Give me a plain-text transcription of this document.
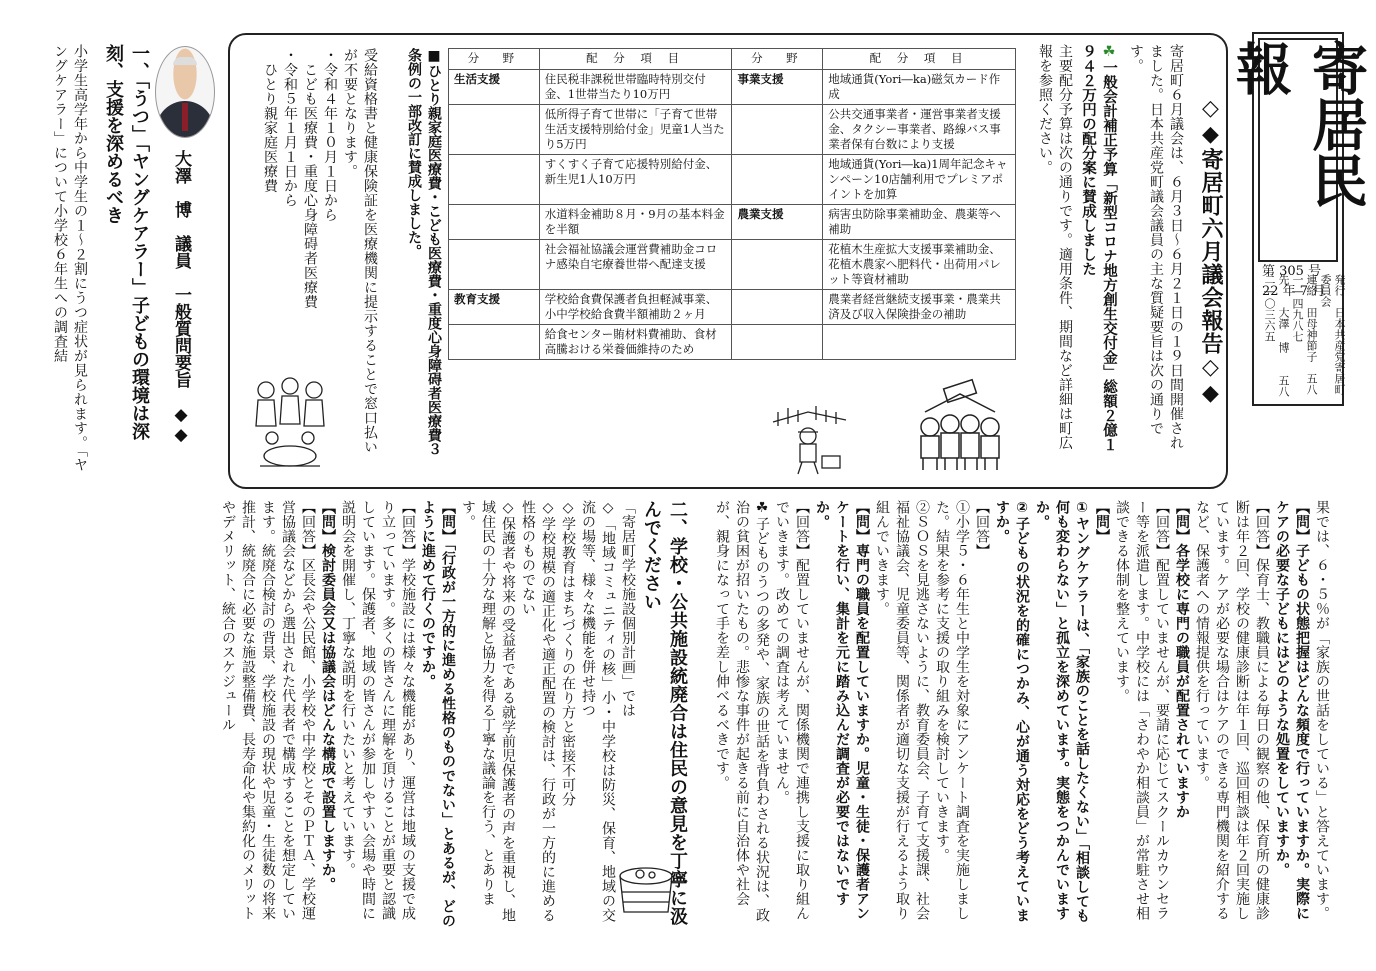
寄居民報
第 305 号
22 年 7 月 発行　日本共産党寄居町委員会
連絡　田母神節子　五八一―四九八七
先　　大澤 博　　五八二―〇三六五
◇◆寄居町六月議会報告◇◆
寄居町６月議会は、６月３日〜６月２１日の１９日間開催されました。日本共産党町議会議員の主な質疑要旨は次の通りです。
☘一般会計補正予算「新型コロナ地方創生交付金」総額２億１９４２万円の配分案に賛成しました
主要配分予算は次の通りです。適用条件、期間など詳細は町広報を参照ください。
分　野	配 分 項 目	分　野	配 分 項 目
生活支援	住民税非課税世帯臨時特別交付金、1世帯当たり10万円	事業支援	地域通貨(Yori―ka)磁気カード作成
	低所得子育て世帯に「子育て世帯生活支援特別給付金」児童1人当たり5万円		公共交通事業者・運営事業者支援金、タクシー事業者、路線バス事業者保有台数により支援
	すくすく子育て応援特別給付金、新生児1人10万円		地域通貨(Yori―ka)1周年記念キャンペーン10店舗利用でプレミアポイントを加算
	水道料金補助８月・9月の基本料金を半額	農業支援	病害虫防除事業補助金、農薬等へ補助
	社会福祉協議会運営費補助金コロナ感染自宅療養世帯へ配達支援		花植木生産拡大支援事業補助金、花植木農家へ肥料代・出荷用パレット等資材補助
教育支援	学校給食費保護者負担軽減事業、小中学校給食費半額補助２ヶ月		農業者経営継続支援事業・農業共済及び収入保険掛金の補助
	給食センター賄材料費補助、食材高騰おける栄養価維持のため		
■ひとり親家庭医療費・こども医療費・重度心身障碍者医療費３条例の一部改訂に賛成しました。

受給資格書と健康保険証を医療機関に提示することで窓口払いが不要となります。

・令和４年１０月１日から

　こども医療費・重度心身障碍者医療費

・令和５年１月１日から

　ひとり親家庭医療費

大澤　博　議員　一般質問要旨　◆◆
一、「うつ」「ヤングケアラー」子どもの環境は深刻、支援を深めるべき
小学生高学年から中学生の１〜２割にうつ症状が見られます。「ヤングケアラー」について小学校６年生への調査結

果では、６・５％が「家族の世話をしている」と答えています。

【問】子どもの状態把握はどんな頻度で行っていますか。実際にケアの必要な子どもにはどのような処置をしていますか。

【回答】保育士、教職員による毎日の観察の他、保育所の健康診断は年２回、学校の健康診断は年１回、巡回相談は年２回実施しています。ケアが必要な場合はケアのできる専門機関を紹介するなど、保護者への情報提供を行っています。

【問】各学校に専門の職員が配置されていますか

【回答】配置していませんが、要請に応じてスクールカウンセラー等を派遣します。中学校には「さわやか相談員」が常駐させ相談できる体制を整えています。

【問】

①ヤングケアラーは、「家族のことを話したくない」「相談しても何も変わらない」と孤立を深めています。実態をつかんでいますか。

②子どもの状況を的確につかみ、心が通う対応をどう考えていますか。

【回答】

①小学５・６年生と中学生を対象にアンケート調査を実施しました。結果を参考に支援の取り組みを検討していきます。

②ＳＯＳを見逃さないように、教育委員会、子育て支援課、社会福祉協議会、児童委員等、関係者が適切な支援が行えるよう取り組んでいきます。

【問】専門の職員を配置していますか。児童・生徒・保護者アンケートを行い、集計を元に踏み込んだ調査が必要ではないですか。

【回答】配置していませんが、関係機関で連携し支援に取り組んでいきます。改めての調査は考えていません。

☘子どものうつの多発や、家族の世話を背負わされる状況は、政治の貧困が招いたもの。悲惨な事件が起きる前に自治体や社会が、親身になって手を差し伸べるべきです。

二、学校・公共施設統廃合は住民の意見を丁寧に汲んでください

「寄居町学校施設個別計画」では

◇「地域コミュニティの核」小・中学校は防災、保育、地域の交流の場等、様々な機能を併せ持つ

◇学校教育はまちづくりの在り方と密接不可分

◇学校規模の適正化や適正配置の検討は、行政が一方的に進める性格のものでない

◇保護者や将来の受益者である就学前児保護者の声を重視し、地域住民の十分な理解と協力を得る丁寧な議論を行う、とあります。

【問】「行政が一方的に進める性格のものでない」とあるが、どのように進めて行くのですか。

【回答】学校施設には様々な機能があり、運営は地域の支援で成り立っています。多くの皆さんに理解を頂けることが重要と認識しています。保護者、地域の皆さんが参加しやすい会場や時間に説明会を開催し、丁寧な説明を行いたいと考えています。

【問】検討委員会又は協議会はどんな構成で設置しますか。

【回答】区長会や公民館、小学校や中学校とそのＰＴＡ、学校運営協議会などから選出された代表者で構成することを想定しています。統廃合検討の背景、学校施設の現状や児童・生徒数の将来推計、統廃合に必要な施設整備費、長寿命化や集約化のメリットやデメリット、統合のスケジュール
